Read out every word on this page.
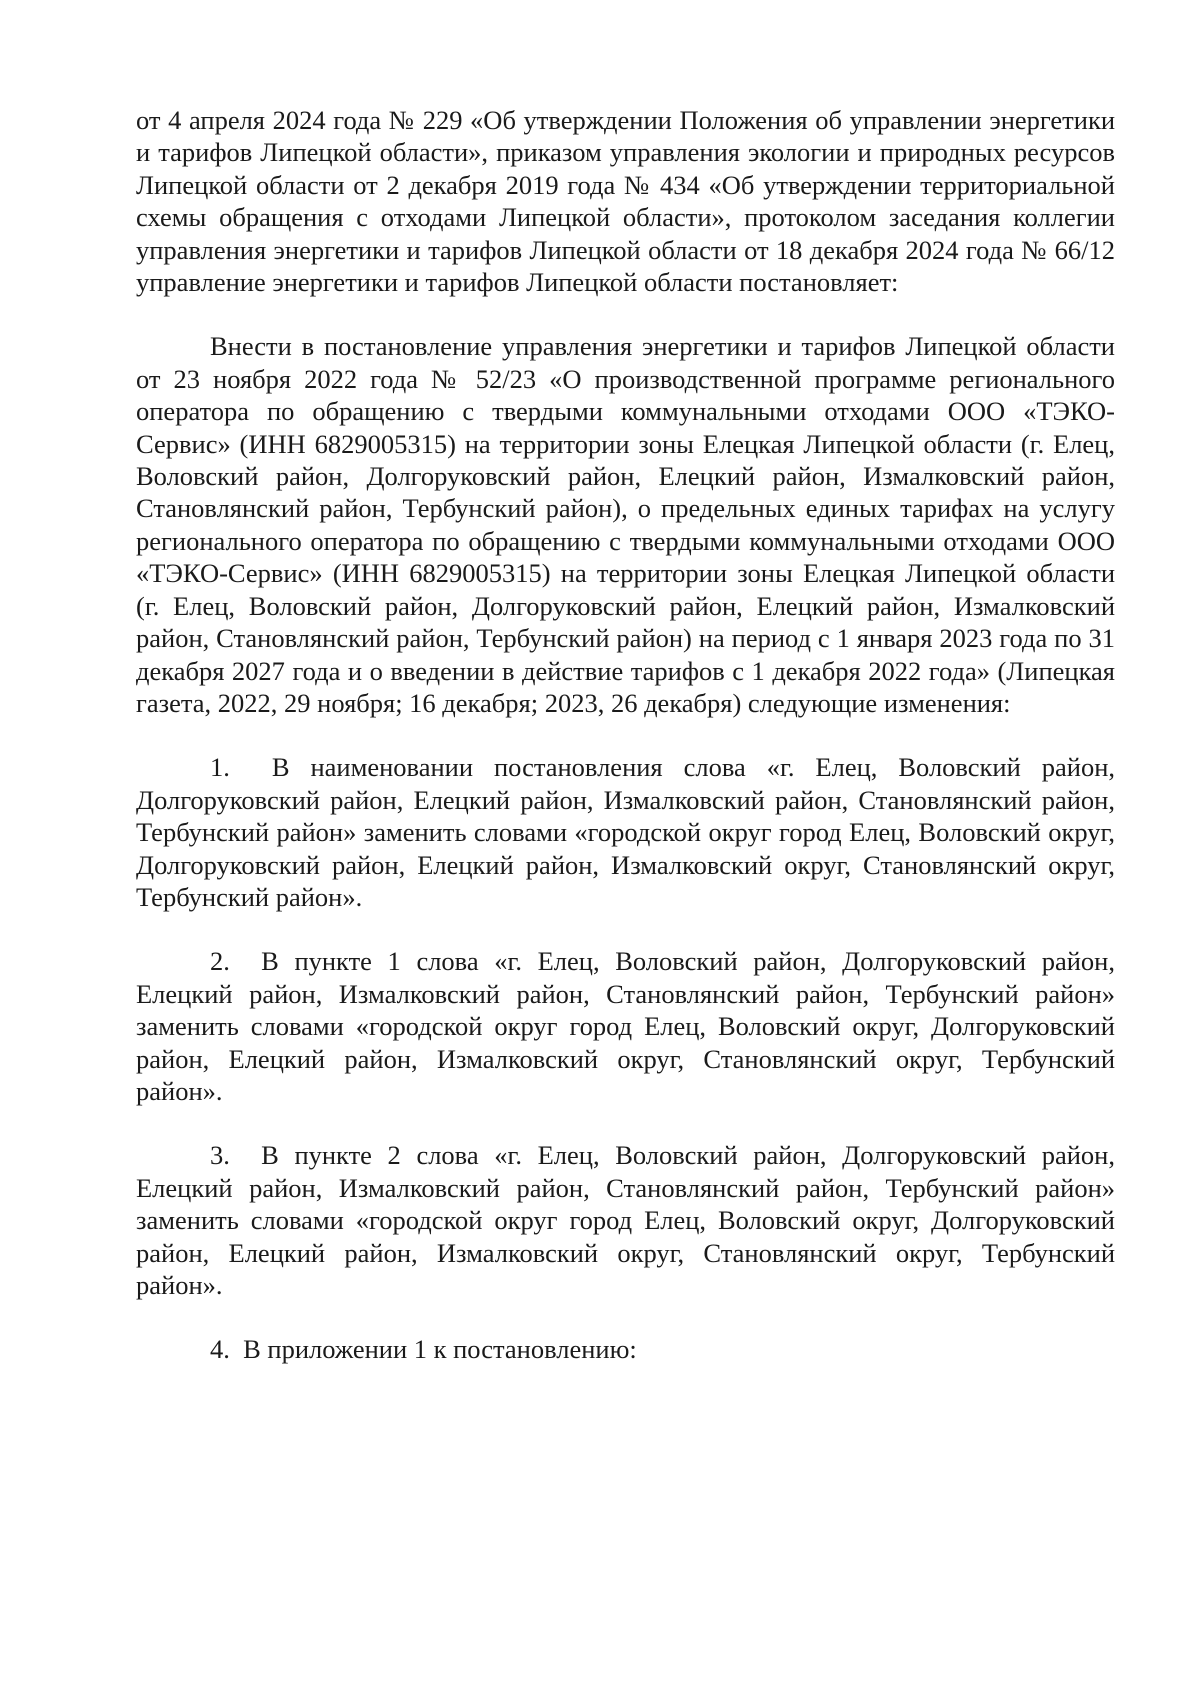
от 4 апреля 2024 года № 229 «Об утверждении Положения об управлении энергетики и тарифов Липецкой области», приказом управления экологии и природных ресурсов Липецкой области от 2 декабря 2019 года № 434 «Об утверждении территориальной схемы обращения с отходами Липецкой области», протоколом заседания коллегии управления энергетики и тарифов Липецкой области от 18 декабря 2024 года № 66/12 управление энергетики и тарифов Липецкой области постановляет:

Внести в постановление управления энергетики и тарифов Липецкой области от 23 ноября 2022 года № 52/23 «О производственной программе регионального оператора по обращению с твердыми коммунальными отходами ООО «ТЭКО-Сервис» (ИНН 6829005315) на территории зоны Елецкая Липецкой области (г. Елец, Воловский район, Долгоруковский район, Елецкий район, Измалковский район, Становлянский район, Тербунский район), о предельных единых тарифах на услугу регионального оператора по обращению с твердыми коммунальными отходами ООО «ТЭКО-Сервис» (ИНН 6829005315) на территории зоны Елецкая Липецкой области (г. Елец, Воловский район, Долгоруковский район, Елецкий район, Измалковский район, Становлянский район, Тербунский район) на период с 1 января 2023 года по 31 декабря 2027 года и о введении в действие тарифов с 1 декабря 2022 года» (Липецкая газета, 2022, 29 ноября; 16 декабря; 2023, 26 декабря) следующие изменения:

1. В наименовании постановления слова «г. Елец, Воловский район, Долгоруковский район, Елецкий район, Измалковский район, Становлянский район, Тербунский район» заменить словами «городской округ город Елец, Воловский округ, Долгоруковский район, Елецкий район, Измалковский округ, Становлянский округ, Тербунский район».

2. В пункте 1 слова «г. Елец, Воловский район, Долгоруковский район, Елецкий район, Измалковский район, Становлянский район, Тербунский район» заменить словами «городской округ город Елец, Воловский округ, Долгоруковский район, Елецкий район, Измалковский округ, Становлянский округ, Тербунский район».

3. В пункте 2 слова «г. Елец, Воловский район, Долгоруковский район, Елецкий район, Измалковский район, Становлянский район, Тербунский район» заменить словами «городской округ город Елец, Воловский округ, Долгоруковский район, Елецкий район, Измалковский округ, Становлянский округ, Тербунский район».

4. В приложении 1 к постановлению:
